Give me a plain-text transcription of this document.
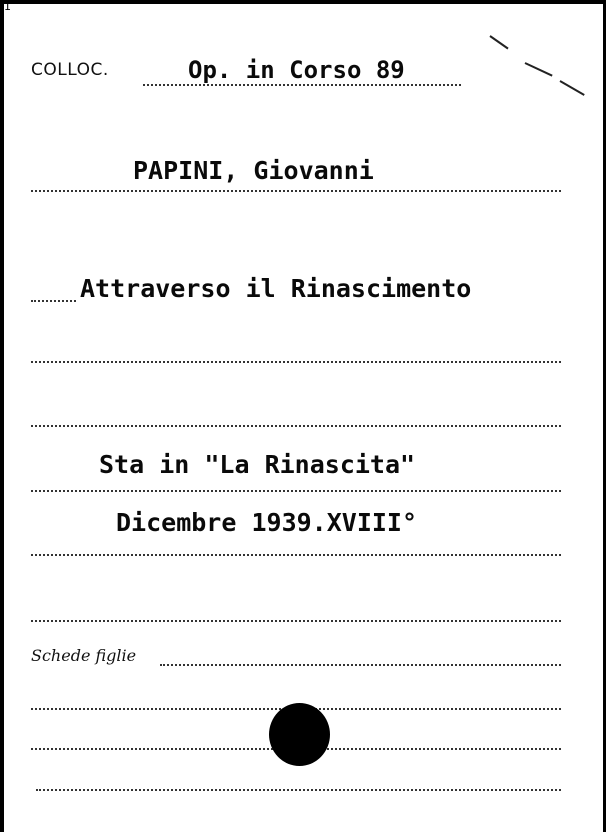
1
COLLOC.	Op. in Corso 89
PAPINI, Giovanni
Attraverso il Rinascimento
Sta in "La Rinascita"
Dicembre 1939.XVIII°
Schede figlie
